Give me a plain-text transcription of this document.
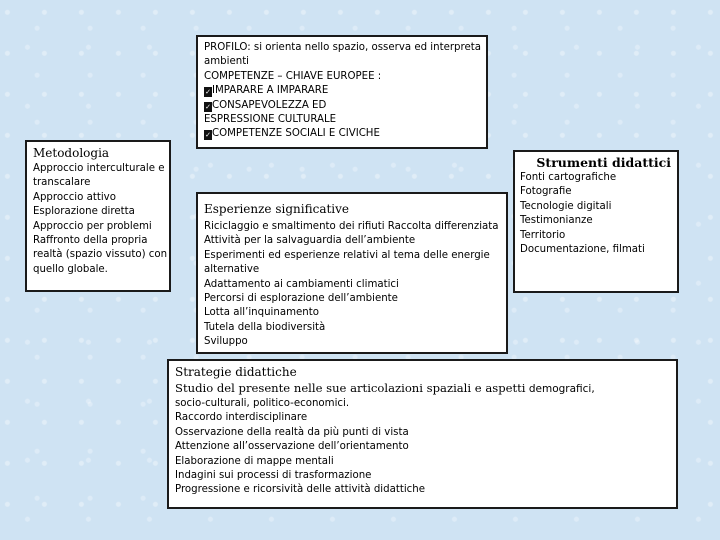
PROFILO: si orienta nello spazio, osserva ed interpreta
ambienti
COMPETENZE – CHIAVE EUROPEE :
✓IMPARARE A IMPARARE
✓CONSAPEVOLEZZA ED
ESPRESSIONE CULTURALE
✓COMPETENZE SOCIALI E CIVICHE
Metodologia
Approccio interculturale e
transcalare
Approccio attivo
Esplorazione diretta
Approccio per problemi
Raffronto della propria
realtà (spazio vissuto) con
quello globale.
Esperienze significative
Riciclaggio e smaltimento dei rifiuti Raccolta differenziata
Attività per la salvaguardia dell’ambiente
Esperimenti ed esperienze relativi al tema delle energie
alternative
Adattamento ai cambiamenti climatici
Percorsi di esplorazione dell’ambiente
Lotta all’inquinamento
Tutela della biodiversità
Sviluppo
Strumenti didattici
Fonti cartografiche
Fotografie
Tecnologie digitali
Testimonianze
Territorio
Documentazione, filmati
Strategie didattiche
Studio del presente nelle sue articolazioni spaziali e aspetti demografici,
socio-culturali, politico-economici.
Raccordo interdisciplinare
Osservazione della realtà da più punti di vista
Attenzione all’osservazione dell’orientamento
Elaborazione di mappe mentali
Indagini sui processi di trasformazione
Progressione e ricorsività delle attività didattiche
